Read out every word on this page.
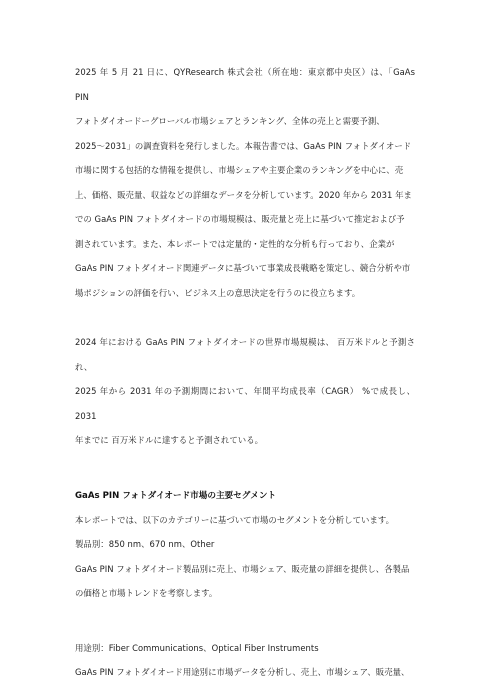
2025 年 5 月 21 日に、QYResearch 株式会社（所在地：東京都中央区）は、「GaAs PIN

フォトダイオードーグローバル市場シェアとランキング、全体の売上と需要予測、

2025～2031」の調査資料を発行しました。本報告書では、GaAs PIN フォトダイオード

市場に関する包括的な情報を提供し、市場シェアや主要企業のランキングを中心に、売

上、価格、販売量、収益などの詳細なデータを分析しています。2020 年から 2031 年ま

での GaAs PIN フォトダイオードの市場規模は、販売量と売上に基づいて推定および予

測されています。また、本レポートでは定量的・定性的な分析も行っており、企業が

GaAs PIN フォトダイオード関連データに基づいて事業成長戦略を策定し、競合分析や市

場ポジションの評価を行い、ビジネス上の意思決定を行うのに役立ちます。

2024 年における GaAs PIN フォトダイオードの世界市場規模は、 百万米ドルと予測され、

2025 年から 2031 年の予測期間において、年間平均成長率（CAGR） %で成長し、2031

年までに 百万米ドルに達すると予測されている。

GaAs PIN フォトダイオード市場の主要セグメント

本レポートでは、以下のカテゴリーに基づいて市場のセグメントを分析しています。

製品別：850 nm、670 nm、Other

GaAs PIN フォトダイオード製品別に売上、市場シェア、販売量の詳細を提供し、各製品

の価格と市場トレンドを考察します。

用途別：Fiber Communications、Optical Fiber Instruments

GaAs PIN フォトダイオード用途別に市場データを分析し、売上、市場シェア、販売量、
